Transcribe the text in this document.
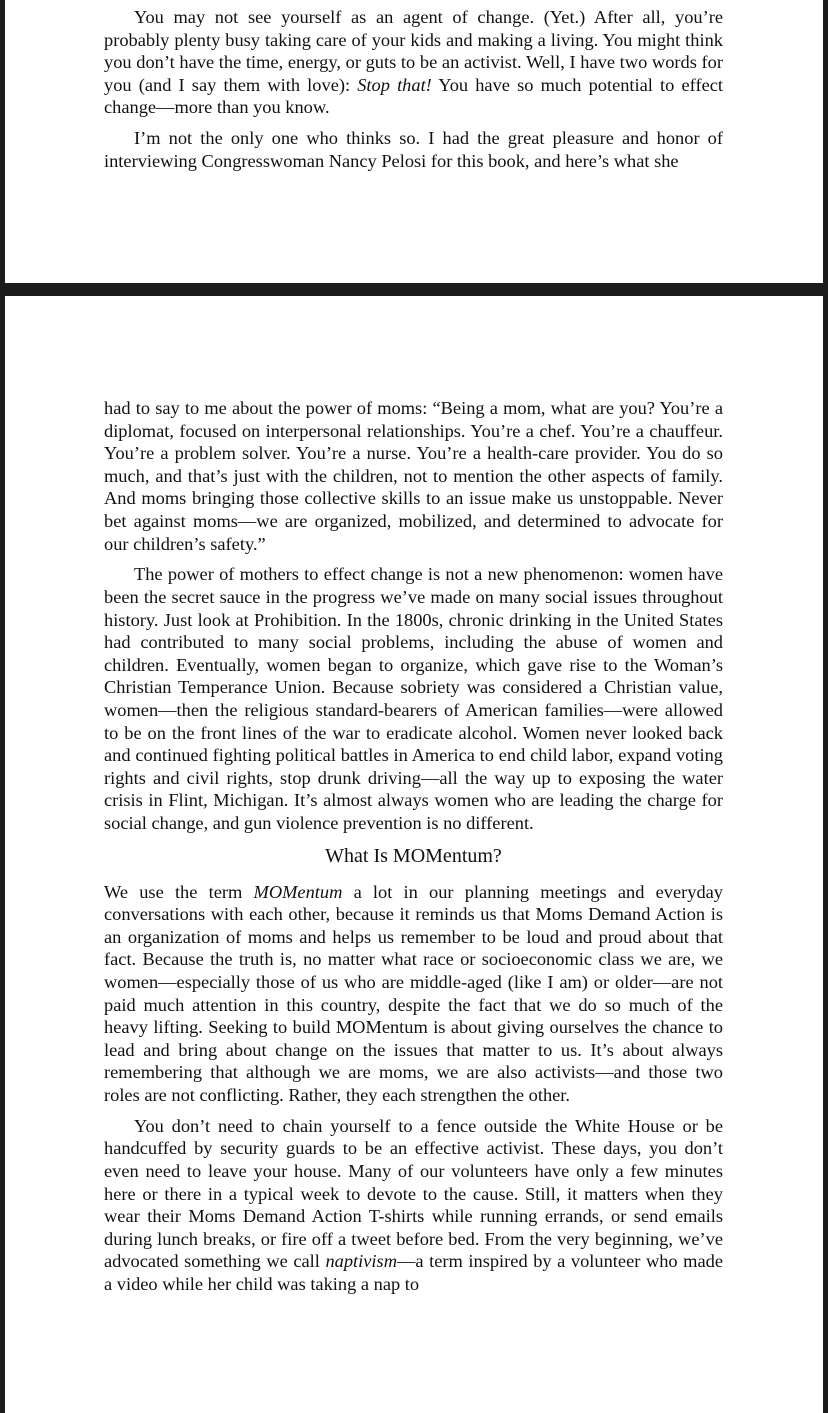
You may not see yourself as an agent of change. (Yet.) After all, you’re probably plenty busy taking care of your kids and making a living. You might think you don’t have the time, energy, or guts to be an activist. Well, I have two words for you (and I say them with love): Stop that! You have so much potential to effect change—more than you know.

I’m not the only one who thinks so. I had the great pleasure and honor of interviewing Congresswoman Nancy Pelosi for this book, and here’s what she

had to say to me about the power of moms: “Being a mom, what are you? You’re a diplomat, focused on interpersonal relationships. You’re a chef. You’re a chauffeur. You’re a problem solver. You’re a nurse. You’re a health-care provider. You do so much, and that’s just with the children, not to mention the other aspects of family. And moms bringing those collective skills to an issue make us unstoppable. Never bet against moms—we are organized, mobilized, and determined to advocate for our children’s safety.”

The power of mothers to effect change is not a new phenomenon: women have been the secret sauce in the progress we’ve made on many social issues throughout history. Just look at Prohibition. In the 1800s, chronic drinking in the United States had contributed to many social problems, including the abuse of women and children. Eventually, women began to organize, which gave rise to the Woman’s Christian Temperance Union. Because sobriety was considered a Christian value, women—then the religious standard-bearers of American families—were allowed to be on the front lines of the war to eradicate alcohol. Women never looked back and continued fighting political battles in America to end child labor, expand voting rights and civil rights, stop drunk driving—all the way up to exposing the water crisis in Flint, Michigan. It’s almost always women who are leading the charge for social change, and gun violence prevention is no different.

What Is MOMentum?

We use the term MOMentum a lot in our planning meetings and everyday conversations with each other, because it reminds us that Moms Demand Action is an organization of moms and helps us remember to be loud and proud about that fact. Because the truth is, no matter what race or socioeconomic class we are, we women—especially those of us who are middle-aged (like I am) or older—are not paid much attention in this country, despite the fact that we do so much of the heavy lifting. Seeking to build MOMentum is about giving ourselves the chance to lead and bring about change on the issues that matter to us. It’s about always remembering that although we are moms, we are also activists—and those two roles are not conflicting. Rather, they each strengthen the other.

You don’t need to chain yourself to a fence outside the White House or be handcuffed by security guards to be an effective activist. These days, you don’t even need to leave your house. Many of our volunteers have only a few minutes here or there in a typical week to devote to the cause. Still, it matters when they wear their Moms Demand Action T-shirts while running errands, or send emails during lunch breaks, or fire off a tweet before bed. From the very beginning, we’ve advocated something we call naptivism—a term inspired by a volunteer who made a video while her child was taking a nap to
